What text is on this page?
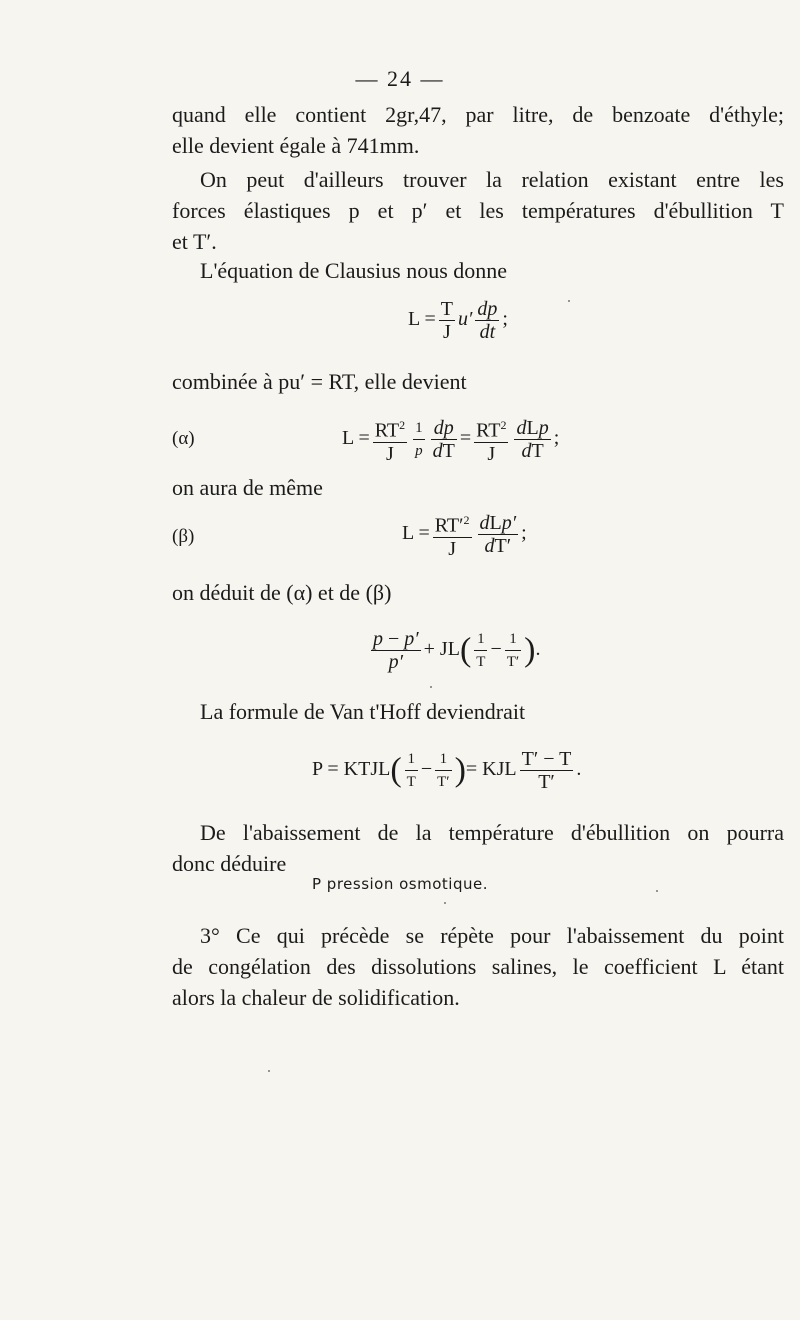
— 24 —
quand elle contient 2gr,47, par litre, de benzoate d'éthyle;
elle devient égale à 741mm.
On peut d'ailleurs trouver la relation existant entre les
forces élastiques p et p′ et les températures d'ébullition T
et T′.
L'équation de Clausius nous donne
$L = \frac{T}{J} u' \frac{dp}{dt}$ ;
combinée à pu′ = RT, elle devient
(α)	$L = \frac{RT^2}{J} \frac{1}{p} \frac{dp}{dT} = \frac{RT^2}{J} \frac{\text{dLp}}{dT}$ ;
on aura de même
(β)	$L = \frac{RT'^2}{J} \frac{\text{dLp′}}{dT'}$ ;
on déduit de (α) et de (β)
$\frac{p - p'}{p'} + JL( \frac{1}{T} - \frac{1}{T'}$ ).
La formule de Van t'Hoff deviendrait
P = KTJL( $\frac{1}{T} - \frac{1}{T'}$ )= KJL $\frac{T' - T}{T'}$ .
De l'abaissement de la température d'ébullition on pourra
donc déduire
P pression osmotique.
3° Ce qui précède se répète pour l'abaissement du point
de congélation des dissolutions salines, le coefficient L étant
alors la chaleur de solidification.
